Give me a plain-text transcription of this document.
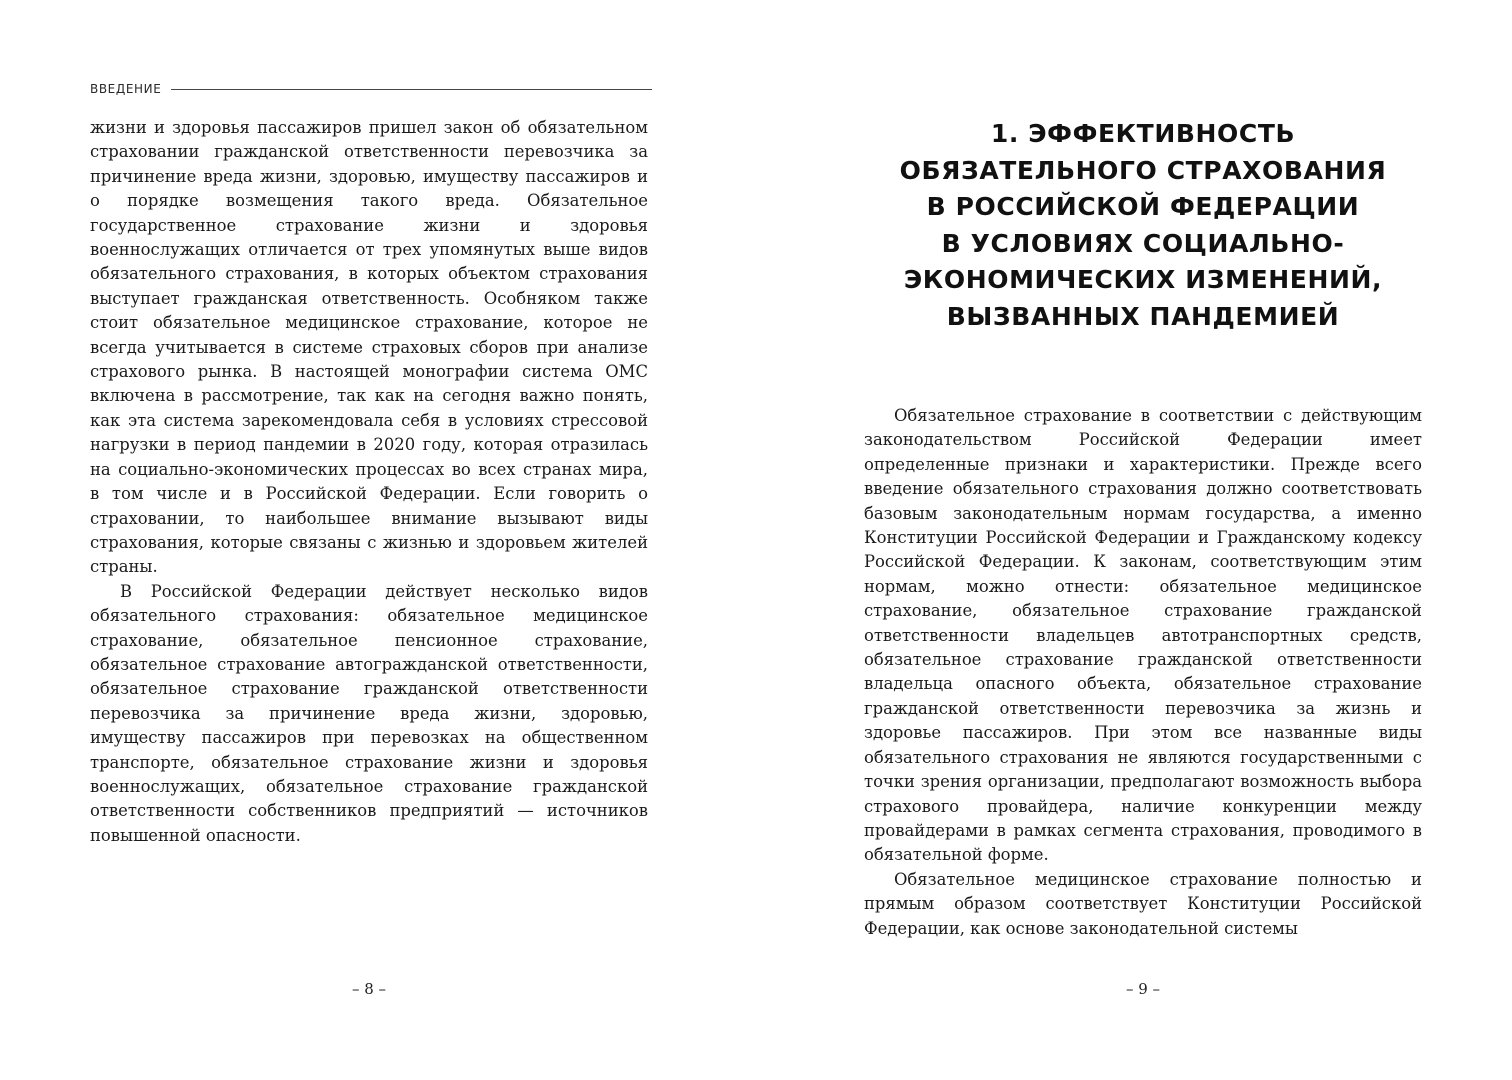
ВВЕДЕНИЕ

жизни и здоровья пассажиров пришел закон об обязательном страховании гражданской ответственности перевозчика за причинение вреда жизни, здоровью, имуществу пассажиров и о порядке возмещения такого вреда. Обязательное государственное страхование жизни и здоровья военнослужащих отличается от трех упомянутых выше видов обязательного страхования, в которых объектом страхования выступает гражданская ответственность. Особняком также стоит обязательное медицинское страхование, которое не всегда учитывается в системе страховых сборов при анализе страхового рынка. В настоящей монографии система ОМС включена в рассмотрение, так как на сегодня важно понять, как эта система зарекомендовала себя в условиях стрессовой нагрузки в период пандемии в 2020 году, которая отразилась на социально-экономических процессах во всех странах мира, в том числе и в Российской Федерации. Если говорить о страховании, то наибольшее внимание вызывают виды страхования, которые связаны с жизнью и здоровьем жителей страны.

В Российской Федерации действует несколько видов обязательного страхования: обязательное медицинское страхование, обязательное пенсионное страхование, обязательное страхование автогражданской ответственности, обязательное страхование гражданской ответственности перевозчика за причинение вреда жизни, здоровью, имуществу пассажиров при перевозках на общественном транспорте, обязательное страхование жизни и здоровья военнослужащих, обязательное страхование гражданской ответственности собственников предприятий — источников повышенной опасности.

– 8 –
1. ЭФФЕКТИВНОСТЬ
ОБЯЗАТЕЛЬНОГО СТРАХОВАНИЯ
В РОССИЙСКОЙ ФЕДЕРАЦИИ
В УСЛОВИЯХ СОЦИАЛЬНО-
ЭКОНОМИЧЕСКИХ ИЗМЕНЕНИЙ,
ВЫЗВАННЫХ ПАНДЕМИЕЙ

Обязательное страхование в соответствии с действующим законодательством Российской Федерации имеет определенные признаки и характеристики. Прежде всего введение обязательного страхования должно соответствовать базовым законодательным нормам государства, а именно Конституции Российской Федерации и Гражданскому кодексу Российской Федерации. К законам, соответствующим этим нормам, можно отнести: обязательное медицинское страхование, обязательное страхование гражданской ответственности владельцев автотранспортных средств, обязательное страхование гражданской ответственности владельца опасного объекта, обязательное страхование гражданской ответственности перевозчика за жизнь и здоровье пассажиров. При этом все названные виды обязательного страхования не являются государственными с точки зрения организации, предполагают возможность выбора страхового провайдера, наличие конкуренции между провайдерами в рамках сегмента страхования, проводимого в обязательной форме.

Обязательное медицинское страхование полностью и прямым образом соответствует Конституции Российской Федерации, как основе законодательной системы

– 9 –
